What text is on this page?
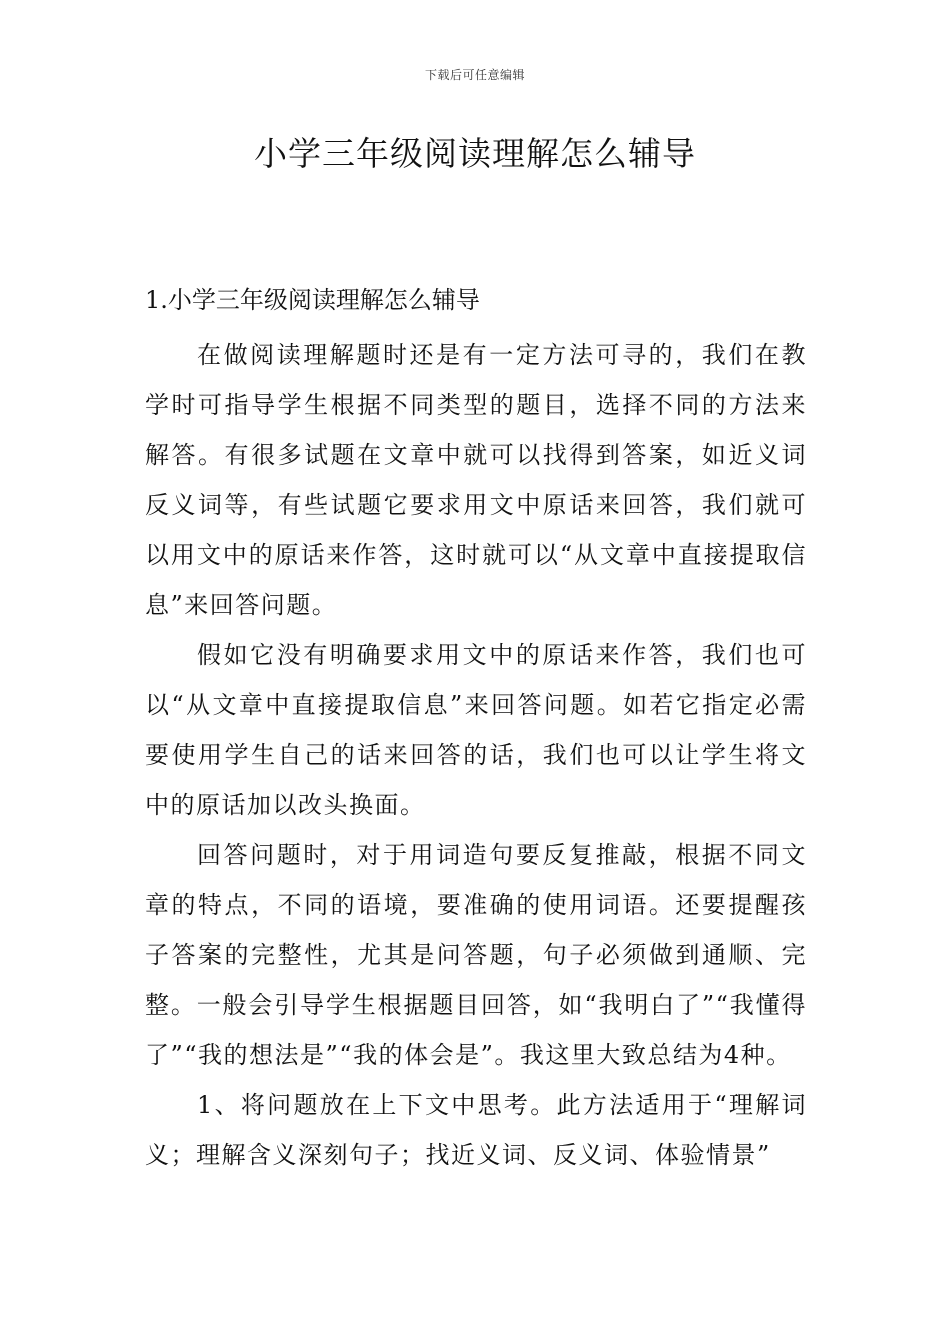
下载后可任意编辑
小学三年级阅读理解怎么辅导
1.小学三年级阅读理解怎么辅导

在做阅读理解题时还是有一定方法可寻的，我们在教学时可指导学生根据不同类型的题目，选择不同的方法来解答。有很多试题在文章中就可以找得到答案，如近义词反义词等，有些试题它要求用文中原话来回答，我们就可以用文中的原话来作答，这时就可以“从文章中直接提取信息”来回答问题。

假如它没有明确要求用文中的原话来作答，我们也可以“从文章中直接提取信息”来回答问题。如若它指定必需要使用学生自己的话来回答的话，我们也可以让学生将文中的原话加以改头换面。

回答问题时，对于用词造句要反复推敲，根据不同文章的特点，不同的语境，要准确的使用词语。还要提醒孩子答案的完整性，尤其是问答题，句子必须做到通顺、完整。一般会引导学生根据题目回答，如“我明白了”“我懂得了”“我的想法是”“我的体会是”。我这里大致总结为4种。

1、将问题放在上下文中思考。此方法适用于“理解词义；理解含义深刻句子；找近义词、反义词、体验情景”
